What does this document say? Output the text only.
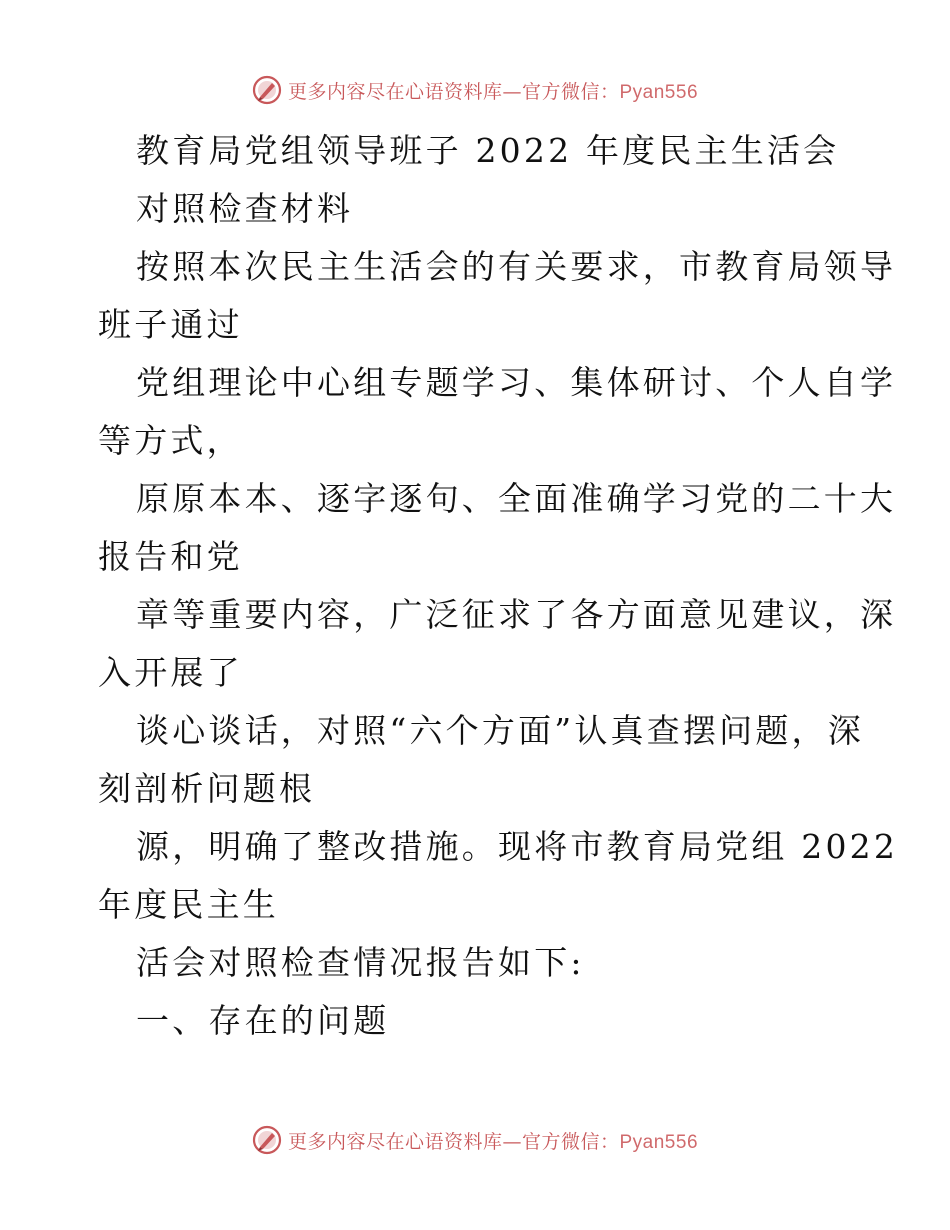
更多内容尽在心语资料库—官方微信：Pyan556
教育局党组领导班子 2022 年度民主生活会
对照检查材料
按照本次民主生活会的有关要求，市教育局领导
班子通过
党组理论中心组专题学习、集体研讨、个人自学
等方式，
原原本本、逐字逐句、全面准确学习党的二十大
报告和党
章等重要内容，广泛征求了各方面意见建议，深
入开展了
谈心谈话，对照“六个方面”认真查摆问题，深
刻剖析问题根
源，明确了整改措施。现将市教育局党组 2022
年度民主生
活会对照检查情况报告如下:
一、存在的问题
更多内容尽在心语资料库—官方微信：Pyan556
